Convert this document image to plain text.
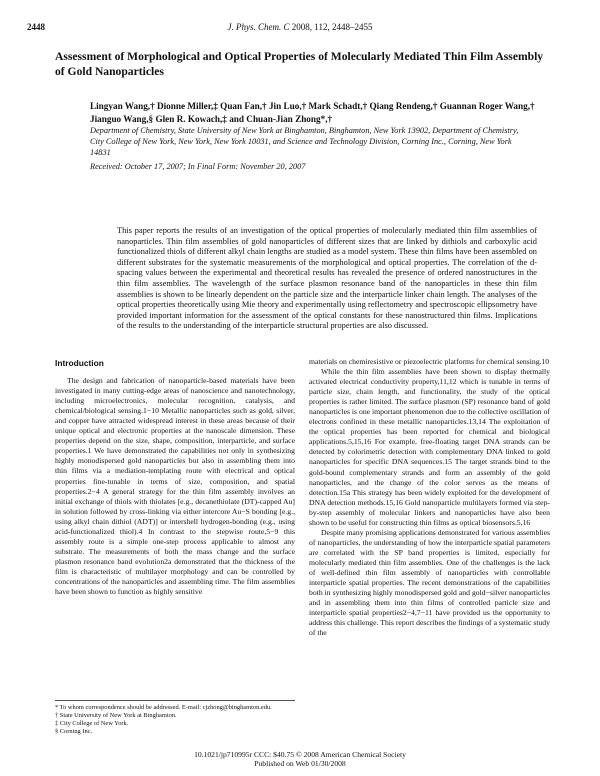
2448	J. Phys. Chem. C 2008, 112, 2448–2455
Assessment of Morphological and Optical Properties of Molecularly Mediated Thin Film Assembly of Gold Nanoparticles
Lingyan Wang,† Dionne Miller,‡ Quan Fan,† Jin Luo,† Mark Schadt,† Qiang Rendeng,† Guannan Roger Wang,† Jianguo Wang,§ Glen R. Kowach,‡ and Chuan-Jian Zhong*,†
Department of Chemistry, State University of New York at Binghamton, Binghamton, New York 13902, Department of Chemistry, City College of New York, New York, New York 10031, and Science and Technology Division, Corning Inc., Corning, New York 14831
Received: October 17, 2007; In Final Form: November 20, 2007
This paper reports the results of an investigation of the optical properties of molecularly mediated thin film assemblies of nanoparticles. Thin film assemblies of gold nanoparticles of different sizes that are linked by dithiols and carboxylic acid functionalized thiols of different alkyl chain lengths are studied as a model system. These thin films have been assembled on different substrates for the systematic measurements of the morphological and optical properties. The correlation of the d-spacing values between the experimental and theoretical results has revealed the presence of ordered nanostructures in the thin film assemblies. The wavelength of the surface plasmon resonance band of the nanoparticles in these thin film assemblies is shown to be linearly dependent on the particle size and the interparticle linker chain length. The analyses of the optical properties theoretically using Mie theory and experimentally using reflectometry and spectroscopic ellipsometry have provided important information for the assessment of the optical constants for these nanostructured thin films. Implications of the results to the understanding of the interparticle structural properties are also discussed.
Introduction

The design and fabrication of nanoparticle-based materials have been investigated in many cutting-edge areas of nanoscience and nanotechnology, including microelectronics, molecular recognition, catalysis, and chemical/biological sensing.1−10 Metallic nanoparticles such as gold, silver, and copper have attracted widespread interest in these areas because of their unique optical and electronic properties at the nanoscale dimension. These properties depend on the size, shape, composition, interparticle, and surface properties.1 We have demonstrated the capabilities not only in synthesizing highly monodispersed gold nanoparticles but also in assembling them into thin films via a mediation-templating route with electrical and optical properties fine-tunable in terms of size, composition, and spatial properties.2−4 A general strategy for the thin film assembly involves an initial exchange of thiols with thiolates [e.g., decanethiolate (DT)-capped Au] in solution followed by cross-linking via either intercore Au−S bonding [e.g., using alkyl chain dithiol (ADT)] or intershell hydrogen-bonding (e.g., using acid-functionalized thiol).4 In contrast to the stepwise route,5−9 this assembly route is a simple one-step process applicable to almost any substrate. The measurements of both the mass change and the surface plasmon resonance band evolution2a demonstrated that the thickness of the film is characteristic of multilayer morphology and can be controlled by concentrations of the nanoparticles and assembling time. The film assemblies have been shown to function as highly sensitive

materials on chemiresistive or piezoelectric platforms for chemical sensing.10

While the thin film assemblies have been shown to display thermally activated electrical conductivity property,11,12 which is tunable in terms of particle size, chain length, and functionality, the study of the optical properties is rather limited. The surface plasmon (SP) resonance band of gold nanoparticles is one important phenomenon due to the collective oscillation of electrons confined in these metallic nanoparticles.13,14 The exploitation of the optical properties has been reported for chemical and biological applications.5,15,16 For example, free-floating target DNA strands can be detected by colorimetric detection with complementary DNA linked to gold nanoparticles for specific DNA sequences.15 The target strands bind to the gold-bound complementary strands and form an assembly of the gold nanoparticles, and the change of the color serves as the means of detection.15a This strategy has been widely exploited for the development of DNA detection methods.15,16 Gold nanoparticle multilayers formed via step-by-step assembly of molecular linkers and nanoparticles have also been shown to be useful for constructing thin films as optical biosensors.5,16

Despite many promising applications demonstrated for various assemblies of nanoparticles, the understanding of how the interparticle spatial parameters are correlated with the SP band properties is limited, especially for molecularly mediated thin film assemblies. One of the challenges is the lack of well-defined thin film assembly of nanoparticles with controllable interparticle spatial properties. The recent demonstrations of the capabilities both in synthesizing highly monodispersed gold and gold−silver nanoparticles and in assembling them into thin films of controlled particle size and interparticle spatial properties2−4,7−11 have provided us the opportunity to address this challenge. This report describes the findings of a systematic study of the

* To whom correspondence should be addressed. E-mail: cjzhong@binghamton.edu.
† State University of New York at Binghamton.
‡ City College of New York.
§ Corning Inc.
10.1021/jp710995r CCC: $40.75 © 2008 American Chemical Society
Published on Web 01/30/2008
